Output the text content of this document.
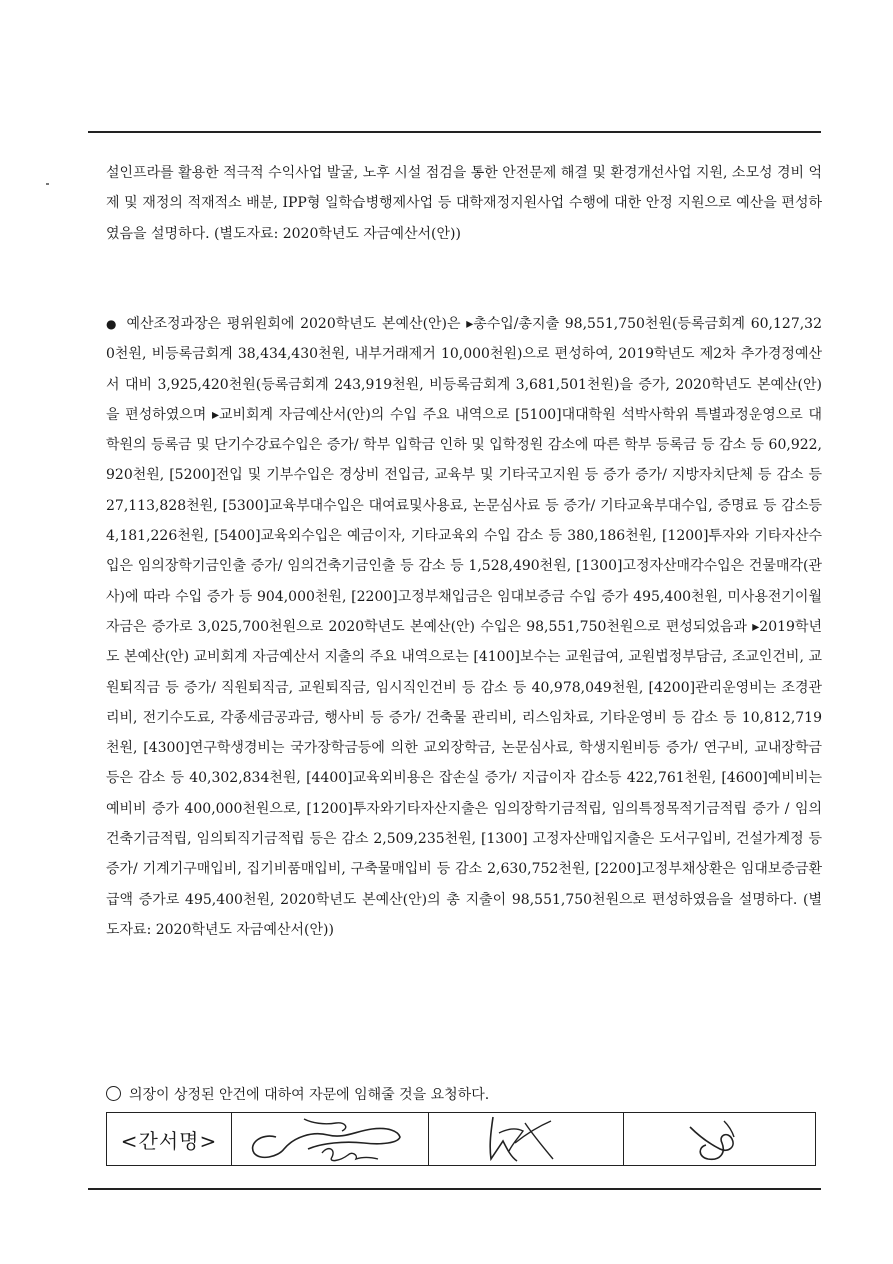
설인프라를 활용한 적극적 수익사업 발굴, 노후 시설 점검을 통한 안전문제 해결 및 환경개선사업 지원, 소모성 경비 억제 및 재정의 적재적소 배분, IPP형 일학습병행제사업 등 대학재정지원사업 수행에 대한 안정 지원으로 예산을 편성하였음을 설명하다. (별도자료: 2020학년도 자금예산서(안))
● 예산조정과장은 평위원회에 2020학년도 본예산(안)은 ▸총수입/총지출 98,551,750천원(등록금회계 60,127,320천원, 비등록금회계 38,434,430천원, 내부거래제거 10,000천원)으로 편성하여, 2019학년도 제2차 추가경정예산서 대비 3,925,420천원(등록금회계 243,919천원, 비등록금회계 3,681,501천원)을 증가, 2020학년도 본예산(안)을 편성하였으며 ▸교비회계 자금예산서(안)의 수입 주요 내역으로 [5100]대대학원 석박사학위 특별과정운영으로 대학원의 등록금 및 단기수강료수입은 증가/ 학부 입학금 인하 및 입학정원 감소에 따른 학부 등록금 등 감소 등 60,922,920천원, [5200]전입 및 기부수입은 경상비 전입금, 교육부 및 기타국고지원 등 증가 증가/ 지방자치단체 등 감소 등 27,113,828천원, [5300]교육부대수입은 대여료및사용료, 논문심사료 등 증가/ 기타교육부대수입, 증명료 등 감소등 4,181,226천원, [5400]교육외수입은 예금이자, 기타교육외 수입 감소 등 380,186천원, [1200]투자와 기타자산수입은 임의장학기금인출 증가/ 임의건축기금인출 등 감소 등 1,528,490천원, [1300]고정자산매각수입은 건물매각(관사)에 따라 수입 증가 등 904,000천원, [2200]고정부채입금은 임대보증금 수입 증가 495,400천원, 미사용전기이월자금은 증가로 3,025,700천원으로 2020학년도 본예산(안) 수입은 98,551,750천원으로 편성되었음과 ▸2019학년도 본예산(안) 교비회계 자금예산서 지출의 주요 내역으로는 [4100]보수는 교원급여, 교원법정부담금, 조교인건비, 교원퇴직금 등 증가/ 직원퇴직금, 교원퇴직금, 임시직인건비 등 감소 등 40,978,049천원, [4200]관리운영비는 조경관리비, 전기수도료, 각종세금공과금, 행사비 등 증가/ 건축물 관리비, 리스임차료, 기타운영비 등 감소 등 10,812,719천원, [4300]연구학생경비는 국가장학금등에 의한 교외장학금, 논문심사료, 학생지원비등 증가/ 연구비, 교내장학금 등은 감소 등 40,302,834천원, [4400]교육외비용은 잡손실 증가/ 지급이자 감소등 422,761천원, [4600]예비비는 예비비 증가 400,000천원으로, [1200]투자와기타자산지출은 임의장학기금적립, 임의특정목적기금적립 증가 / 임의건축기금적립, 임의퇴직기금적립 등은 감소 2,509,235천원, [1300] 고정자산매입지출은 도서구입비, 건설가계정 등 증가/ 기계기구매입비, 집기비품매입비, 구축물매입비 등 감소 2,630,752천원, [2200]고정부채상환은 임대보증금환급액 증가로 495,400천원, 2020학년도 본예산(안)의 총 지출이 98,551,750천원으로 편성하였음을 설명하다. (별도자료: 2020학년도 자금예산서(안))
의장이 상정된 안건에 대하여 자문에 임해줄 것을 요청하다.
<간서명>
